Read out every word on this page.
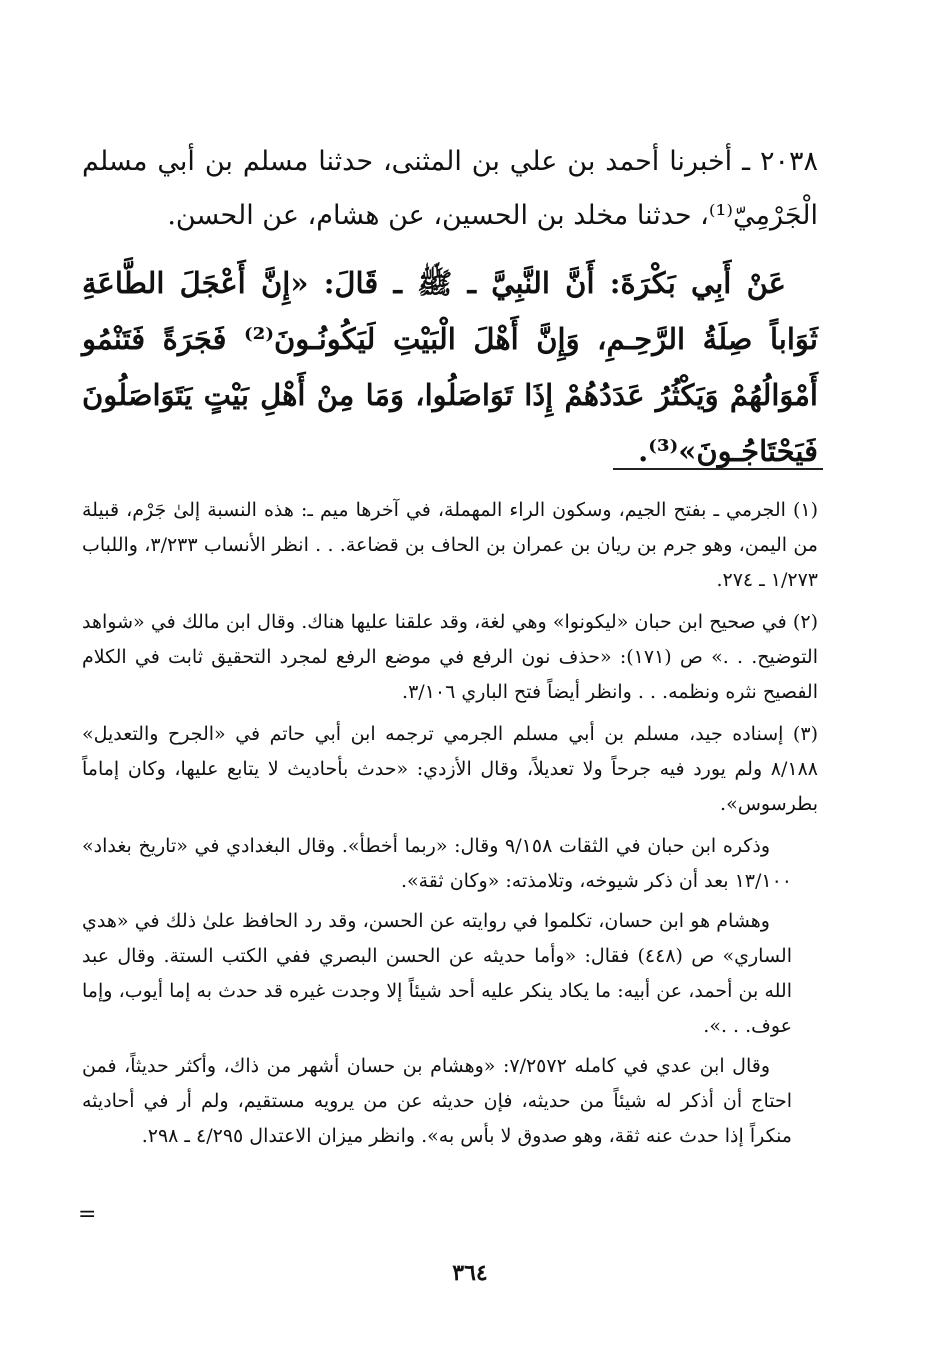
٢٠٣٨ ـ أخبرنا أحمد بن علي بن المثنى، حدثنا مسلم بن أبي مسلم الْجَرْمِيّ⁽¹⁾، حدثنا مخلد بن الحسين، عن هشام، عن الحسن.

عَنْ أَبِي بَكْرَةَ: أَنَّ النَّبِيَّ ـ ﷺ ـ قَالَ: «إِنَّ أَعْجَلَ الطَّاعَةِ ثَوَاباً صِلَةُ الرَّحِـمِ، وَإِنَّ أَهْلَ الْبَيْتِ لَيَكُونُـونَ⁽²⁾ فَجَرَةً فَتَنْمُو أَمْوَالُهُمْ وَيَكْثُرُ عَدَدُهُمْ إِذَا تَوَاصَلُوا، وَمَا مِنْ أَهْلِ بَيْتٍ يَتَوَاصَلُونَ فَيَحْتَاجُـونَ»⁽³⁾.

(١) الجرمي ـ بفتح الجيم، وسكون الراء المهملة، في آخرها ميم ـ: هذه النسبة إلىٰ جَرْم، قبيلة من اليمن، وهو جرم بن ريان بن عمران بن الحاف بن قضاعة. . . انظر الأنساب ٣/٢٣٣، واللباب ١/٢٧٣ ـ ٢٧٤.

(٢) في صحيح ابن حبان «ليكونوا» وهي لغة، وقد علقنا عليها هناك. وقال ابن مالك في «شواهد التوضيح. . .» ص (١٧١): «حذف نون الرفع في موضع الرفع لمجرد التحقيق ثابت في الكلام الفصيح نثره ونظمه. . . وانظر أيضاً فتح الباري ٣/١٠٦.

(٣) إسناده جيد، مسلم بن أبي مسلم الجرمي ترجمه ابن أبي حاتم في «الجرح والتعديل» ٨/١٨٨ ولم يورد فيه جرحاً ولا تعديلاً، وقال الأزدي: «حدث بأحاديث لا يتابع عليها، وكان إماماً بطرسوس».

وذكره ابن حبان في الثقات ٩/١٥٨ وقال: «ربما أخطأ». وقال البغدادي في «تاريخ بغداد» ١٣/١٠٠ بعد أن ذكر شيوخه، وتلامذته: «وكان ثقة».

وهشام هو ابن حسان، تكلموا في روايته عن الحسن، وقد رد الحافظ علىٰ ذلك في «هدي الساري» ص (٤٤٨) فقال: «وأما حديثه عن الحسن البصري ففي الكتب الستة. وقال عبد الله بن أحمد، عن أبيه: ما يكاد ينكر عليه أحد شيئاً إلا وجدت غيره قد حدث به إما أيوب، وإما عوف. . .».

وقال ابن عدي في كامله ٧/٢٥٧٢: «وهشام بن حسان أشهر من ذاك، وأكثر حديثاً، فمن احتاج أن أذكر له شيئاً من حديثه، فإن حديثه عن من يرويه مستقيم، ولم أر في أحاديثه منكراً إذا حدث عنه ثقة، وهو صدوق لا بأس به». وانظر ميزان الاعتدال ٤/٢٩٥ ـ ٢٩٨.

=
٣٦٤
